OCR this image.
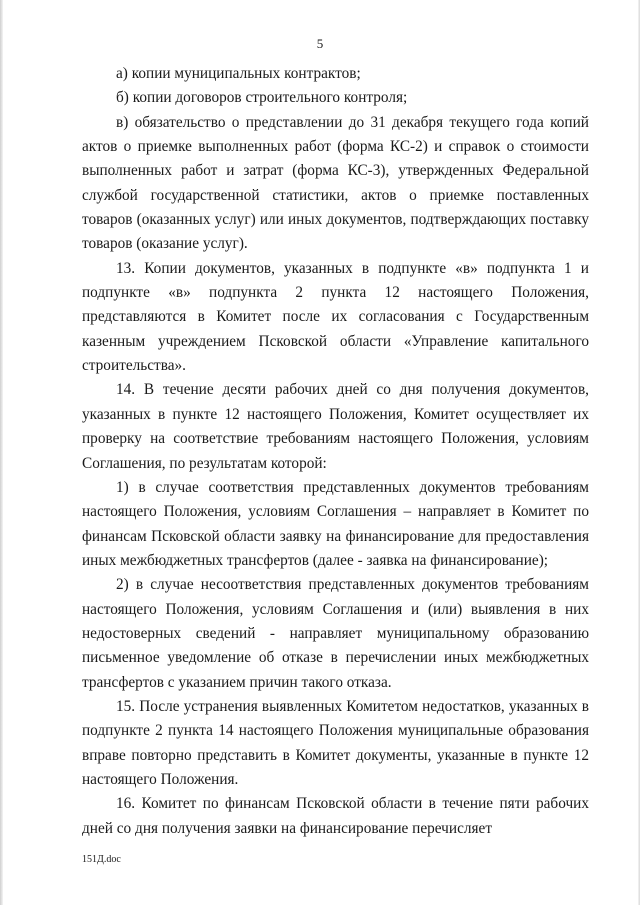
5

а) копии муниципальных контрактов;

б) копии договоров строительного контроля;

в) обязательство о представлении до 31 декабря текущего года копий актов о приемке выполненных работ (форма КС-2) и справок о стоимости выполненных работ и затрат (форма КС-3), утвержденных Федеральной службой государственной статистики, актов о приемке поставленных товаров (оказанных услуг) или иных документов, подтверждающих поставку товаров (оказание услуг).

13. Копии документов, указанных в подпункте «в» подпункта 1 и подпункте «в» подпункта 2 пункта 12 настоящего Положения, представляются в Комитет после их согласования с Государственным казенным учреждением Псковской области «Управление капитального строительства».

14. В течение десяти рабочих дней со дня получения документов, указанных в пункте 12 настоящего Положения, Комитет осуществляет их проверку на соответствие требованиям настоящего Положения, условиям Соглашения, по результатам которой:

1) в случае соответствия представленных документов требованиям настоящего Положения, условиям Соглашения – направляет в Комитет по финансам Псковской области заявку на финансирование для предоставления иных межбюджетных трансфертов (далее - заявка на финансирование);

2) в случае несоответствия представленных документов требованиям настоящего Положения, условиям Соглашения и (или) выявления в них недостоверных сведений - направляет муниципальному образованию письменное уведомление об отказе в перечислении иных межбюджетных трансфертов с указанием причин такого отказа.

15. После устранения выявленных Комитетом недостатков, указанных в подпункте 2 пункта 14 настоящего Положения муниципальные образования вправе повторно представить в Комитет документы, указанные в пункте 12 настоящего Положения.

16. Комитет по финансам Псковской области в течение пяти рабочих дней со дня получения заявки на финансирование перечисляет

151Д.doc
